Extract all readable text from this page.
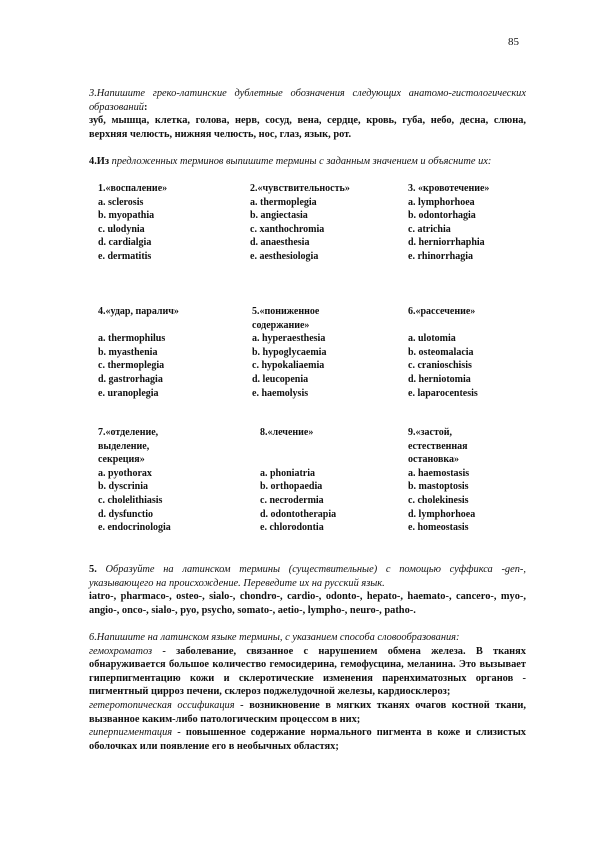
85
3.Напишите греко-латинские дублетные обозначения следующих анатомо-гистологических образований:
зуб, мышца, клетка, голова, нерв, сосуд, вена, сердце, кровь, губа, небо, десна, слюна, верхняя челюсть, нижняя челюсть, нос, глаз, язык, рот.
4.Из предложенных терминов выпишите термины с заданным значением и объясните их:
1.«воспаление»
a. sclerosis
b. myopathia
c. ulodynia
d. cardialgia
e. dermatitis
2.«чувствительность»
a. thermoplegia
b. angiectasia
c. xanthochromia
d. anaesthesia
e. aesthesiologia
3. «кровотечение»
a. lymphorhoea
b. odontorhagia
c. atrichia
d. herniorrhaphia
e. rhinorrhagia
4.«удар, паралич»
a. thermophilus
b. myasthenia
c. thermoplegia
d. gastrorhagia
e. uranoplegia
5.«пониженное
содержание»
a. hyperaesthesia
b. hypoglycaemia
c. hypokaliaemia
d. leucopenia
e. haemolysis
6.«рассечение»
a. ulotomia
b. osteomalacia
c. cranioschisis
d. herniotomia
e. laparocentesis
7.«отделение,
выделение,
секреция»
a. pyothorax
b. dyscrinia
c. cholelithiasis
d. dysfunctio
e. endocrinologia
8.«лечение»
a. phoniatria
b. orthopaedia
c. necrodermia
d. odontotherapia
e. chlorodontia
9.«застой,
естественная
остановка»
a. haemostasis
b. mastoptosis
c. cholekinesis
d. lymphorhoea
e. homeostasis
5. Образуйте на латинском термины (существительные) с помощью суффикса -gen-, указывающего на происхождение. Переведите их на русский язык.
iatro-, pharmaco-, osteo-, sialo-, chondro-, cardio-, odonto-, hepato-, haemato-, cancero-, myo-, angio-, onco-, sialo-, pyo, psycho, somato-, aetio-, lympho-, neuro-, patho-.
6.Напишите на латинском языке термины, с указанием способа словообразования:
гемохроматоз - заболевание, связанное с нарушением обмена железа. В тканях обнаруживается большое количество гемосидерина, гемофусцина, меланина. Это вызывает гиперпигментацию кожи и склеротические изменения паренхиматозных органов - пигментный цирроз печени, склероз поджелудочной железы, кардиосклероз;
гетеротопическая оссификация - возникновение в мягких тканях очагов костной ткани, вызванное каким-либо патологическим процессом в них;
гиперпигментация - повышенное содержание нормального пигмента в коже и слизистых оболочках или появление его в необычных областях;
